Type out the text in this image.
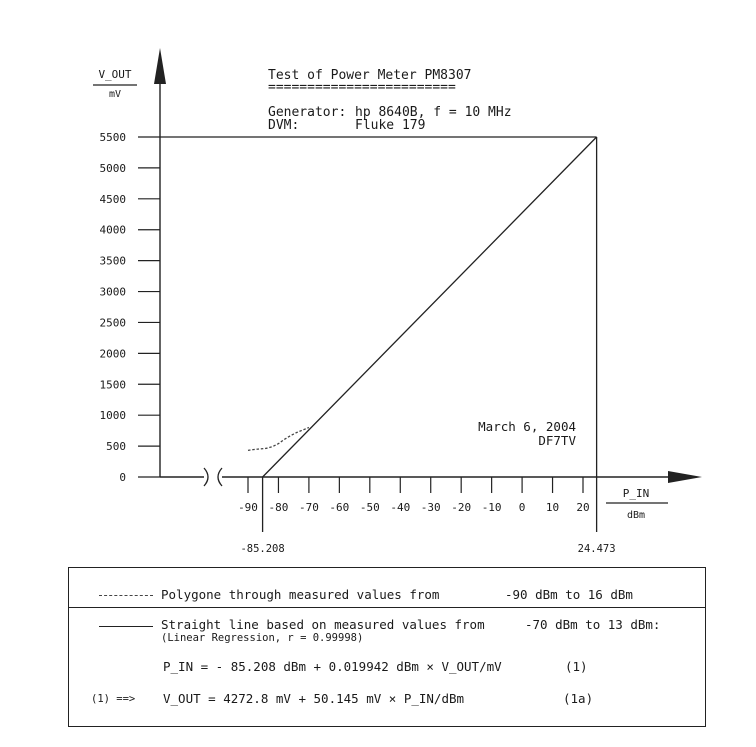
Test of Power Meter PM8307
========================
Generator: hp 8640B, f = 10 MHz
DVM:	Fluke 179
V_OUT
mV
P_IN
dBm
0
500
1000
1500
2000
2500
3000
3500
4000
4500
5000
5500
-90 -80 -70 -60 -50 -40 -30 -20 -10 0 10 20
March 6, 2004
DF7TV
-85.208	24.473
Polygone through measured values from	-90 dBm to 16 dBm
Straight line based on measured values from	-70 dBm to 13 dBm:
(Linear Regression, r = 0.99998)
P_IN = - 85.208 dBm + 0.019942 dBm × V_OUT/mV	(1)
(1) ==> V_OUT = 4272.8 mV + 50.145 mV × P_IN/dBm	(1a)
